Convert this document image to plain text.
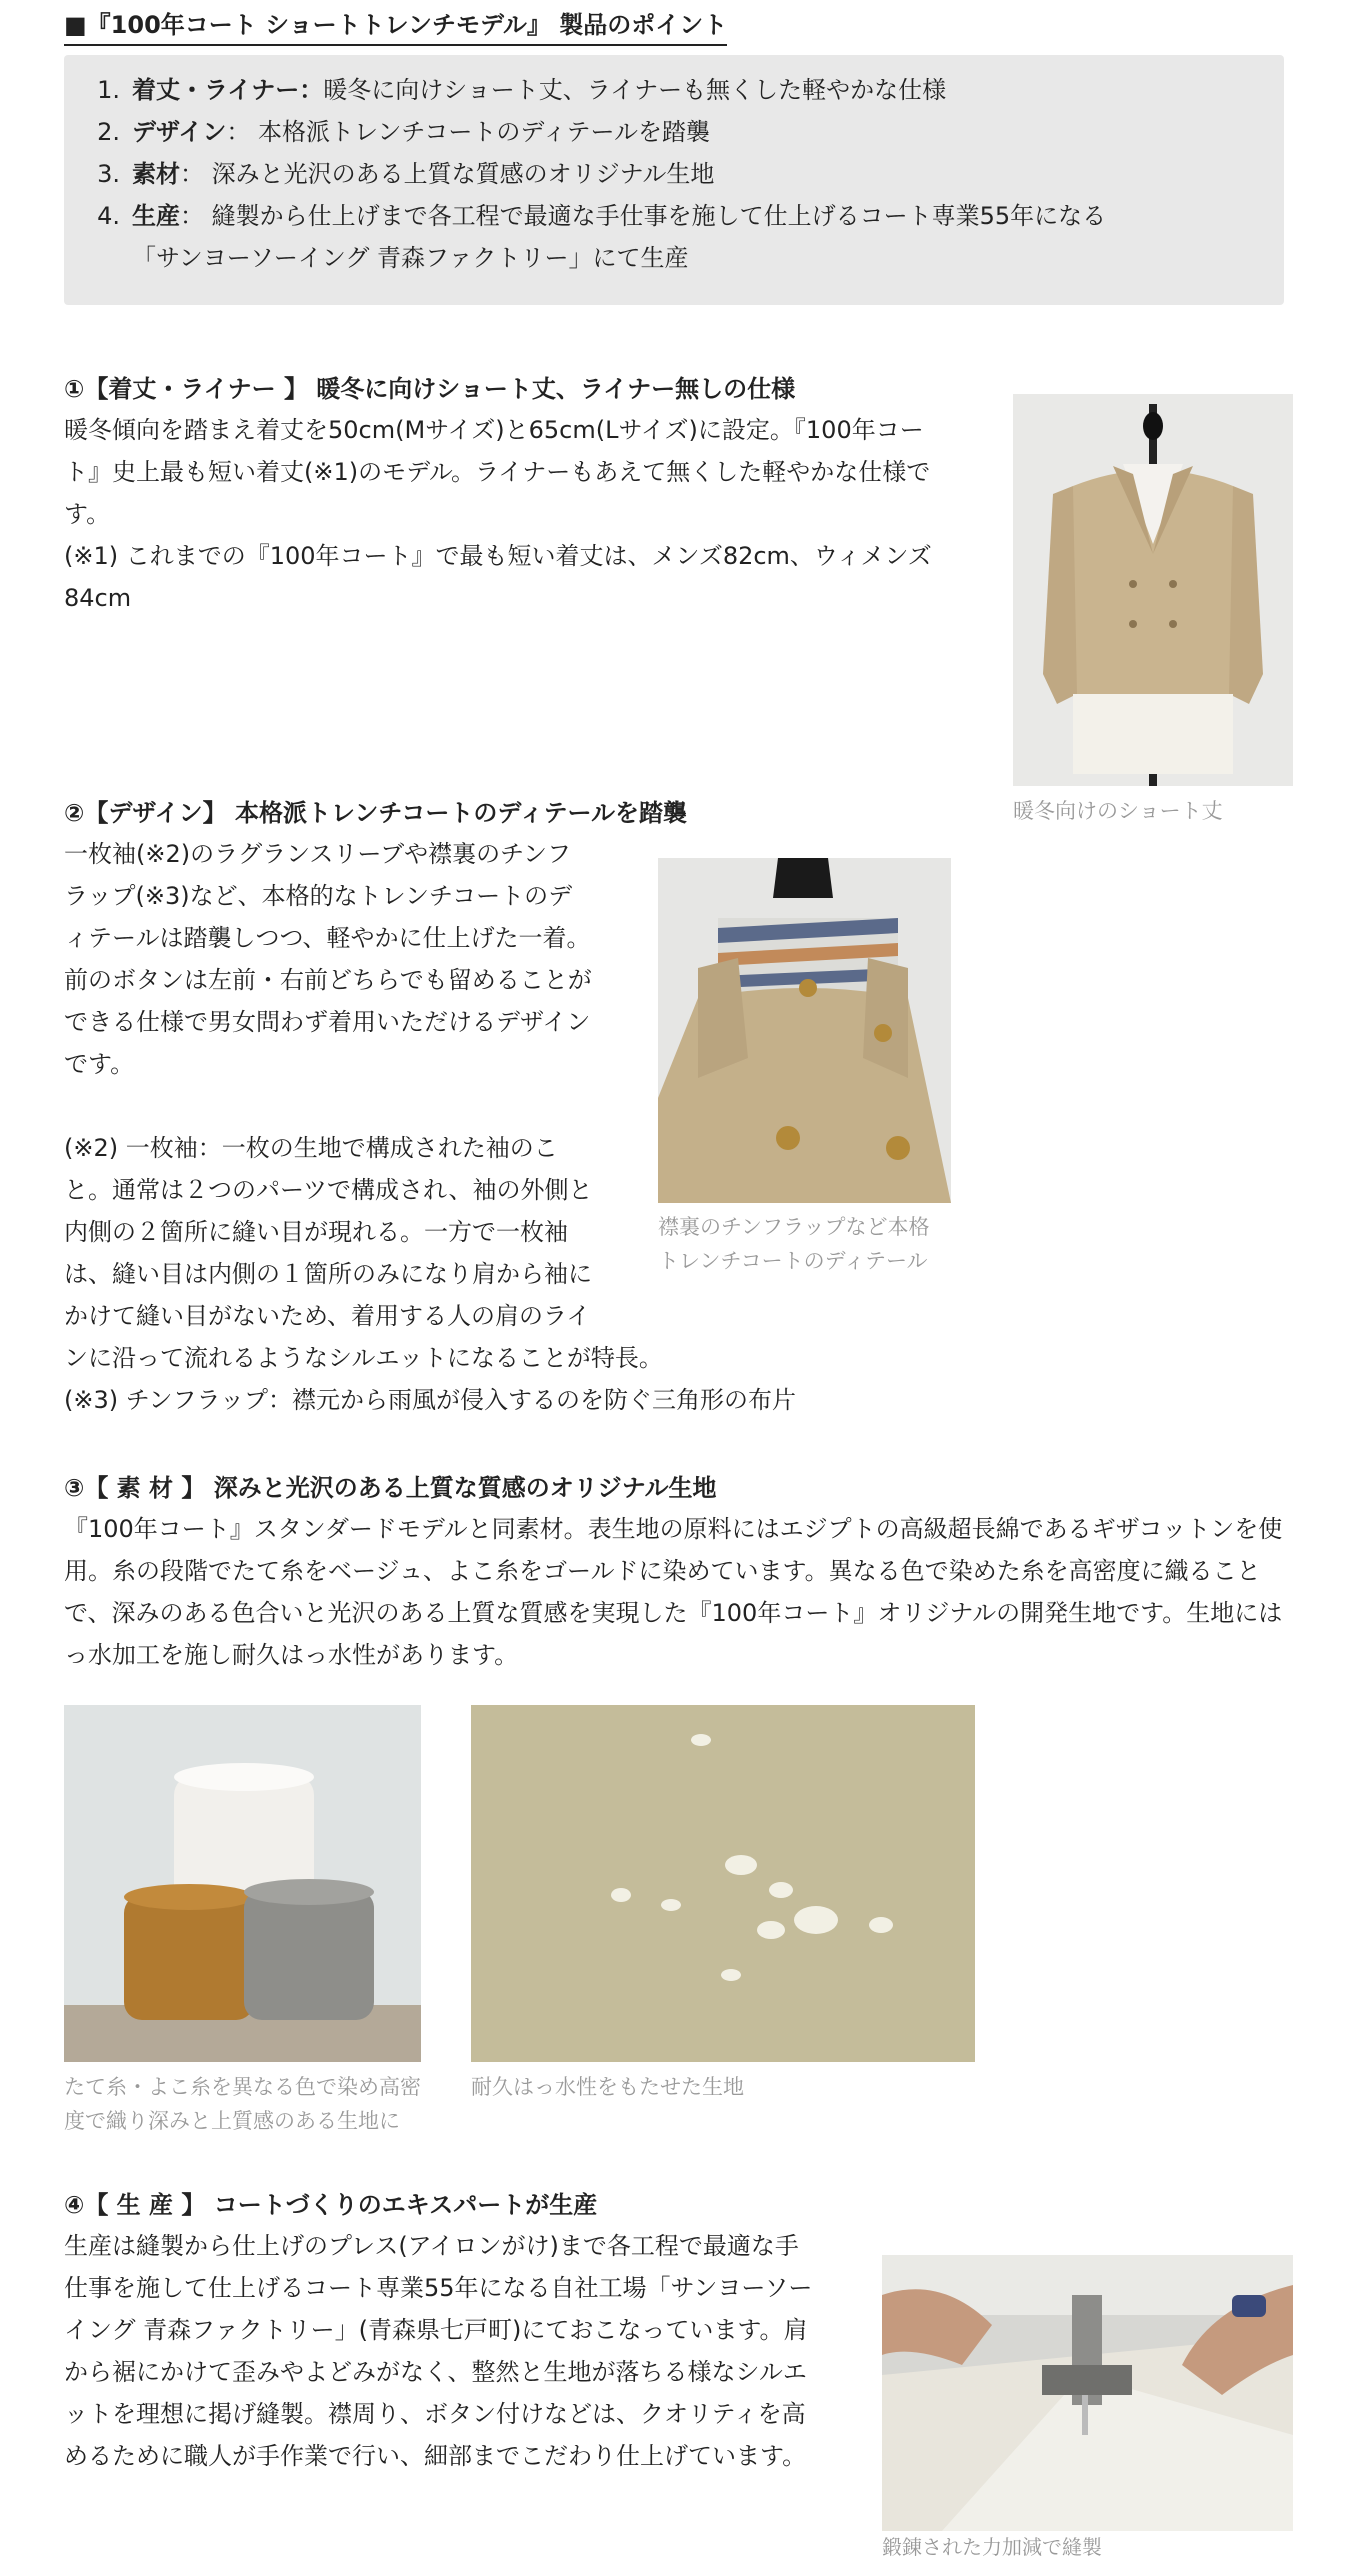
■『100年コート ショートトレンチモデル』 製品のポイント
1. 着丈・ライナー：暖冬に向けショート丈、ライナーも無くした軽やかな仕様
2. デザイン： 本格派トレンチコートのディテールを踏襲
3. 素材： 深みと光沢のある上質な質感のオリジナル生地
4. 生産： 縫製から仕上げまで各工程で最適な手仕事を施して仕上げるコート専業55年になる
「サンヨーソーイング 青森ファクトリー」にて生産
①【着丈・ライナー 】 暖冬に向けショート丈、ライナー無しの仕様

暖冬傾向を踏まえ着丈を50cm(Mサイズ)と65cm(Lサイズ)に設定。『100年コー

ト』史上最も短い着丈(※1)のモデル。ライナーもあえて無くした軽やかな仕様で

す。

(※1) これまでの『100年コート』で最も短い着丈は、メンズ82cm、ウィメンズ

84cm

暖冬向けのショート丈
②【デザイン】 本格派トレンチコートのディテールを踏襲

一枚袖(※2)のラグランスリーブや襟裏のチンフ

ラップ(※3)など、本格的なトレンチコートのデ

ィテールは踏襲しつつ、軽やかに仕上げた一着。

前のボタンは左前・右前どちらでも留めることが

できる仕様で男女問わず着用いただけるデザイン

です。

(※2) 一枚袖：一枚の生地で構成された袖のこ

と。通常は２つのパーツで構成され、袖の外側と

内側の２箇所に縫い目が現れる。一方で一枚袖

は、縫い目は内側の１箇所のみになり肩から袖に

かけて縫い目がないため、着用する人の肩のライ

ンに沿って流れるようなシルエットになることが特長。

(※3) チンフラップ：襟元から雨風が侵入するのを防ぐ三角形の布片

襟裏のチンフラップなど本格
トレンチコートのディテール
③【 素 材 】 深みと光沢のある上質な質感のオリジナル生地

『100年コート』スタンダードモデルと同素材。表生地の原料にはエジプトの高級超長綿であるギザコットンを使

用。糸の段階でたて糸をベージュ、よこ糸をゴールドに染めています。異なる色で染めた糸を高密度に織ること

で、深みのある色合いと光沢のある上質な質感を実現した『100年コート』オリジナルの開発生地です。生地には

っ水加工を施し耐久はっ水性があります。

たて糸・よこ糸を異なる色で染め高密
度で織り深みと上質感のある生地に
耐久はっ水性をもたせた生地
④【 生 産 】 コートづくりのエキスパートが生産

生産は縫製から仕上げのプレス(アイロンがけ)まで各工程で最適な手

仕事を施して仕上げるコート専業55年になる自社工場「サンヨーソー

イング 青森ファクトリー」(青森県七戸町)にておこなっています。肩

から裾にかけて歪みやよどみがなく、整然と生地が落ちる様なシルエ

ットを理想に掲げ縫製。襟周り、ボタン付けなどは、クオリティを高

めるために職人が手作業で行い、細部までこだわり仕上げています。

鍛錬された力加減で縫製
